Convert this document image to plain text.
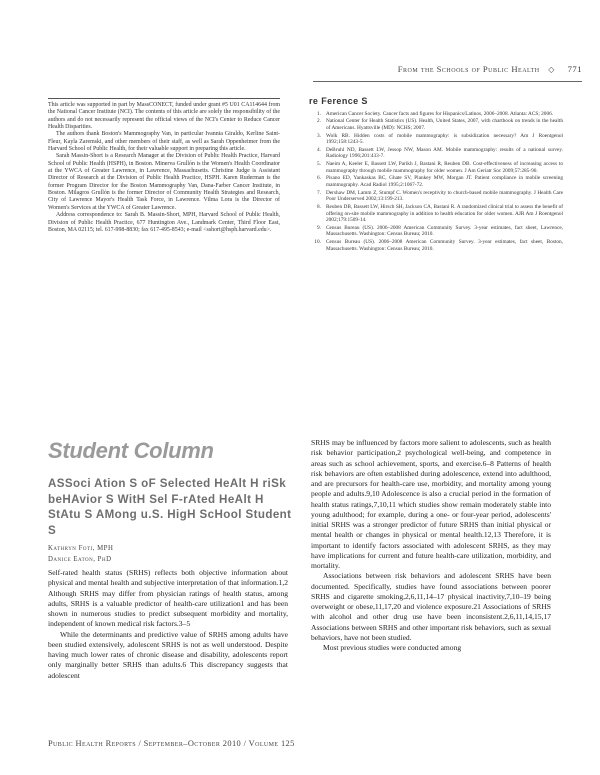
From the Schools of Public Health ◇ 771

This article was supported in part by MassCONECT, funded under grant #5 U01 CA114644 from the National Cancer Institute (NCI). The contents of this article are solely the responsibility of the authors and do not necessarily represent the official views of the NCI's Center to Reduce Cancer Health Disparities.

The authors thank Boston's Mammography Van, in particular Ivannia Giraldo, Kerline Saint-Fleur, Kayla Zaremski, and other members of their staff, as well as Sarah Oppenheimer from the Harvard School of Public Health, for their valuable support in preparing this article.

Sarah Massin-Short is a Research Manager at the Division of Public Health Practice, Harvard School of Public Health (HSPH), in Boston. Minerva Grullón is the Women's Health Coordinator at the YWCA of Greater Lawrence, in Lawrence, Massachusetts. Christine Judge is Assistant Director of Research at the Division of Public Health Practice, HSPH. Karen Ruderman is the former Program Director for the Boston Mammography Van, Dana-Farber Cancer Institute, in Boston. Milagros Grullón is the former Director of Community Health Strategies and Research, City of Lawrence Mayor's Health Task Force, in Lawrence. Vilma Lora is the Director of Women's Services at the YWCA of Greater Lawrence.

Address correspondence to: Sarah B. Massin-Short, MPH, Harvard School of Public Health, Division of Public Health Practice, 677 Huntington Ave., Landmark Center, Third Floor East, Boston, MA 02115; tel. 617-998-8830; fax 617-495-8543; e-mail <sshort@hsph.harvard.edu>.

re Ference S
1. American Cancer Society. Cancer facts and figures for Hispanics/Latinos, 2006–2008. Atlanta: ACS; 2006.
2. National Center for Health Statistics (US). Health, United States, 2007, with chartbook on trends in the health of Americans. Hyattsville (MD): NCHS; 2007.
3. Wolk RB. Hidden costs of mobile mammography: is subsidization necessary? Am J Roentgenol 1992;158:1243-5.
4. DeBruhl ND, Bassett LW, Jessop NW, Mason AM. Mobile mammography: results of a national survey. Radiology 1996;201:433-7.
5. Naeim A, Keeler E, Bassett LW, Parikh J, Bastani R, Reuben DB. Cost-effectiveness of increasing access to mammography through mobile mammography for older women. J Am Geriatr Soc 2009;57:285-90.
6. Pisano ED, Yankaskas BC, Ghate SV, Plankey MW, Morgan JT. Patient compliance in mobile screening mammography. Acad Radiol 1995;2:1067-72.
7. Dershaw DM, Lamm Z, Stumpf C. Women's receptivity to church-based mobile mammography. J Health Care Poor Underserved 2002;13:199-213.
8. Reuben DB, Bassett LW, Hirsch SH, Jackson CA, Bastani R. A randomized clinical trial to assess the benefit of offering on-site mobile mammography in addition to health education for older women. AJR Am J Roentgenol 2002;179:1509-14.
9. Census Bureau (US). 2006–2008 American Community Survey. 3-year estimates, fact sheet, Lawrence, Massachusetts. Washington: Census Bureau; 2010.
10. Census Bureau (US). 2006–2008 American Community Survey. 3-year estimates, fact sheet, Boston, Massachusetts. Washington: Census Bureau; 2010.
Student Column
ASSoci Ation S oF Selected HeAlt H riSk beHAvior S WitH Sel F-rAted HeAlt H StAtu S AMong u.S. HigH ScHool Student S
Kathryn Foti, MPH
Danice Eaton, PhD

Self-rated health status (SRHS) reflects both objective information about physical and mental health and subjective interpretation of that information.1,2 Although SRHS may differ from physician ratings of health status, among adults, SRHS is a valuable predictor of health-care utilization1 and has been shown in numerous studies to predict subsequent morbidity and mortality, independent of known medical risk factors.3–5

While the determinants and predictive value of SRHS among adults have been studied extensively, adolescent SRHS is not as well understood. Despite having much lower rates of chronic disease and disability, adolescents report only marginally better SRHS than adults.6 This discrepancy suggests that adolescent

SRHS may be influenced by factors more salient to adolescents, such as health risk behavior participation,2 psychological well-being, and competence in areas such as school achievement, sports, and exercise.6–8 Patterns of health risk behaviors are often established during adolescence, extend into adulthood, and are precursors for health-care use, morbidity, and mortality among young people and adults.9,10 Adolescence is also a crucial period in the formation of health status ratings,7,10,11 which studies show remain moderately stable into young adulthood; for example, during a one- or four-year period, adolescents' initial SRHS was a stronger predictor of future SRHS than initial physical or mental health or changes in physical or mental health.12,13 Therefore, it is important to identify factors associated with adolescent SRHS, as they may have implications for current and future health-care utilization, morbidity, and mortality.

Associations between risk behaviors and adolescent SRHS have been documented. Specifically, studies have found associations between poorer SRHS and cigarette smoking,2,6,11,14–17 physical inactivity,7,10–19 being overweight or obese,11,17,20 and violence exposure.21 Associations of SRHS with alcohol and other drug use have been inconsistent.2,6,11,14,15,17 Associations between SRHS and other important risk behaviors, such as sexual behaviors, have not been studied.

Most previous studies were conducted among

Public Health Reports / September–October 2010 / Volume 125
